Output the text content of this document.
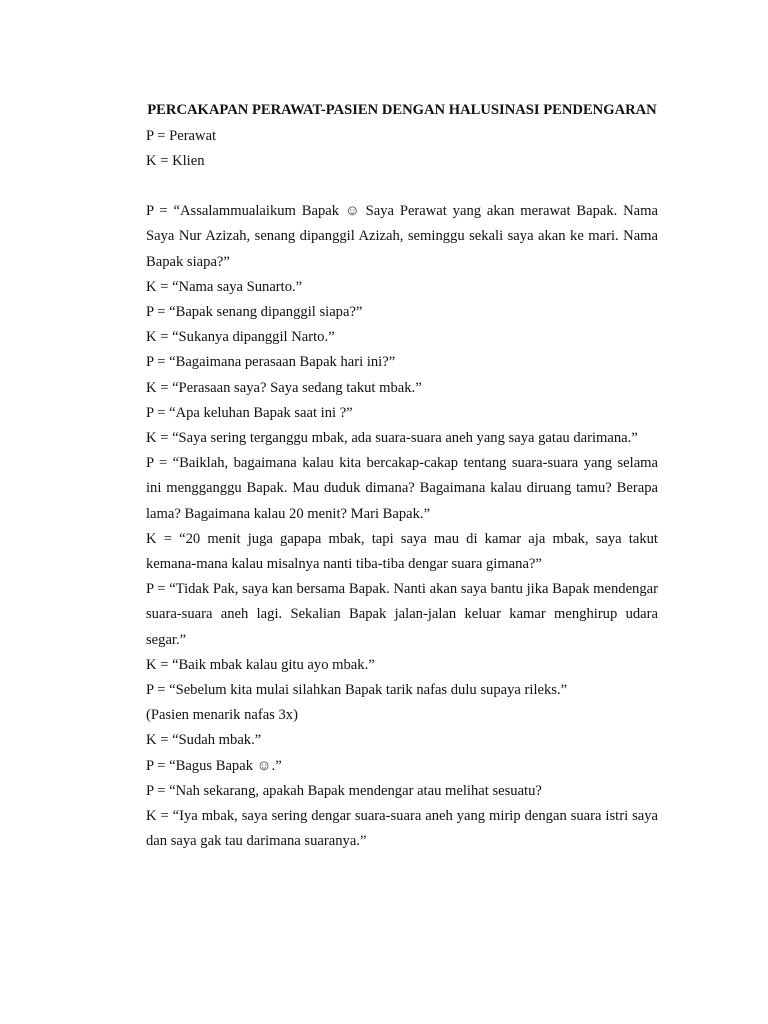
PERCAKAPAN PERAWAT-PASIEN DENGAN HALUSINASI PENDENGARAN

P = Perawat

K = Klien

P = “Assalammualaikum Bapak ☺ Saya Perawat yang akan merawat Bapak. Nama Saya Nur Azizah, senang dipanggil Azizah, seminggu sekali saya akan ke mari. Nama Bapak siapa?”

K = “Nama saya Sunarto.”

P = “Bapak senang dipanggil siapa?”

K = “Sukanya dipanggil Narto.”

P = “Bagaimana perasaan Bapak hari ini?”

K = “Perasaan saya? Saya sedang takut mbak.”

P = “Apa keluhan Bapak saat ini ?”

K = “Saya sering terganggu mbak, ada suara-suara aneh yang saya gatau darimana.”

P = “Baiklah, bagaimana kalau kita bercakap-cakap tentang suara-suara yang selama ini mengganggu Bapak. Mau duduk dimana? Bagaimana kalau diruang tamu? Berapa lama? Bagaimana kalau 20 menit? Mari Bapak.”

K = “20 menit juga gapapa mbak, tapi saya mau di kamar aja mbak, saya takut kemana-mana kalau misalnya nanti tiba-tiba dengar suara gimana?”

P = “Tidak Pak, saya kan bersama Bapak. Nanti akan saya bantu jika Bapak mendengar suara-suara aneh lagi. Sekalian Bapak jalan-jalan keluar kamar menghirup udara segar.”

K = “Baik mbak kalau gitu ayo mbak.”

P = “Sebelum kita mulai silahkan Bapak tarik nafas dulu supaya rileks.”

(Pasien menarik nafas 3x)

K = “Sudah mbak.”

P = “Bagus Bapak ☺.”

P = “Nah sekarang, apakah Bapak mendengar atau melihat sesuatu?

K = “Iya mbak, saya sering dengar suara-suara aneh yang mirip dengan suara istri saya dan saya gak tau darimana suaranya.”
